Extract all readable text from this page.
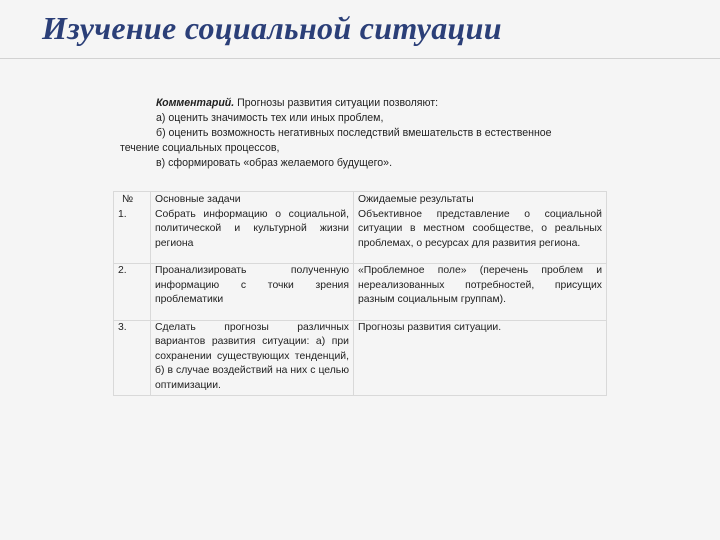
Изучение социальной ситуации

Комментарий. Прогнозы развития ситуации позволяют:

а) оценить значимость тех или иных проблем,

б) оценить возможность негативных последствий вмешательств в естественное

течение социальных процессов,

в) сформировать «образ желаемого будущего».

№	Основные задачи	Ожидаемые результаты
1.	Собрать информацию о социальной, политической и культурной жизни региона	Объективное представление о социальной ситуации в местном сообществе, о реальных проблемах, о ресурсах для развития региона.
2.	Проанализировать полученную информацию с точки зрения проблематики	«Проблемное поле» (перечень проблем и нереализованных потребностей, присущих разным социальным группам).
3.	Сделать прогнозы различных вариантов развития ситуации: а) при сохранении существующих тенденций, б) в случае воздействий на них с целью оптимизации.	Прогнозы развития ситуации.
